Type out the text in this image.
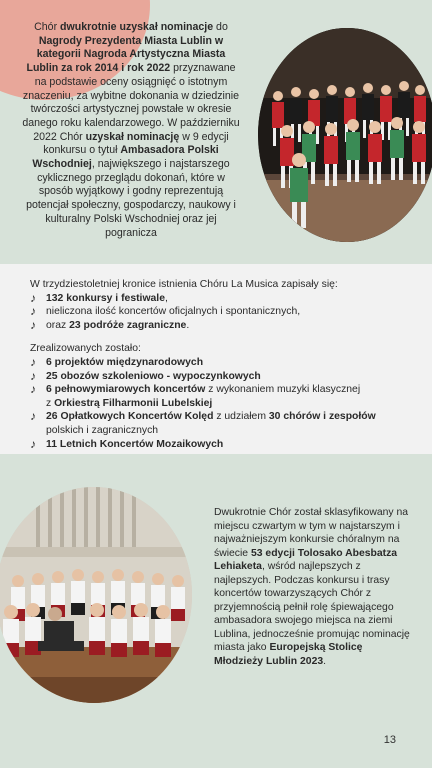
Chór dwukrotnie uzyskał nominacje do Nagrody Prezydenta Miasta Lublin w kategorii Nagroda Artystyczna Miasta Lublin za rok 2014 i rok 2022 przyznawane na podstawie oceny osiągnięć o istotnym znaczeniu, za wybitne dokonania w dziedzinie twórczości artystycznej powstałe w okresie danego roku kalendarzowego. W październiku 2022 Chór uzyskał nominację w 9 edycji konkursu o tytuł Ambasadora Polski Wschodniej, największego i najstarszego cyklicznego przeglądu dokonań, które w sposób wyjątkowy i godny reprezentują potencjał społeczny, gospodarczy, naukowy i kulturalny Polski Wschodniej oraz jej pogranicza

W trzydziestoletniej kronice istnienia Chóru La Musica zapisały się:

♪ 132 konkursy i festiwale,
♪ nieliczona ilość koncertów oficjalnych i spontanicznych,
♪ oraz 23 podróże zagraniczne.

Zrealizowanych zostało:

♪ 6 projektów międzynarodowych
♪ 25 obozów szkoleniowo - wypoczynkowych
♪ 6 pełnowymiarowych koncertów z wykonaniem muzyki klasycznej
z Orkiestrą Filharmonii Lubelskiej
♪ 26 Opłatkowych Koncertów Kolęd z udziałem 30 chórów i zespołów
polskich i zagranicznych
♪ 11 Letnich Koncertów Mozaikowych
Dwukrotnie Chór został sklasyfikowany na miejscu czwartym w tym w najstarszym i najważniejszym konkursie chóralnym na świecie 53 edycji Tolosako Abesbatza Lehiaketa, wśród najlepszych z najlepszych. Podczas konkursu i trasy koncertów towarzyszących Chór z przyjemnością pełnił rolę śpiewającego ambasadora swojego miejsca na ziemi Lublina, jednocześnie promując nominację miasta jako Europejską Stolicę Młodzieży Lublin 2023.
13
